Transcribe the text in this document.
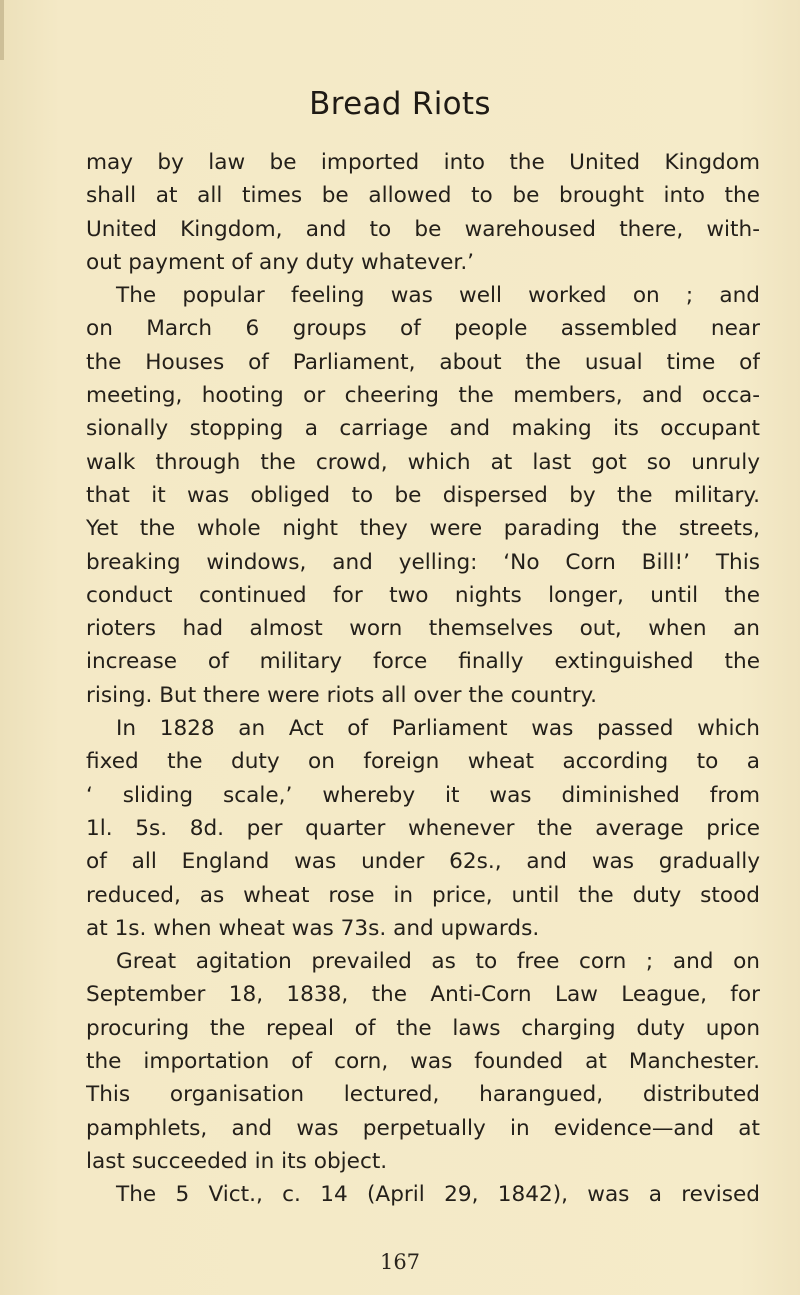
Bread Riots
may by law be imported into the United Kingdom
shall at all times be allowed to be brought into the
United Kingdom, and to be warehoused there, with-
out payment of any duty whatever.’
The popular feeling was well worked on ; and
on March 6 groups of people assembled near
the Houses of Parliament, about the usual time of
meeting, hooting or cheering the members, and occa-
sionally stopping a carriage and making its occupant
walk through the crowd, which at last got so unruly
that it was obliged to be dispersed by the military.
Yet the whole night they were parading the streets,
breaking windows, and yelling: ‘No Corn Bill!’ This
conduct continued for two nights longer, until the
rioters had almost worn themselves out, when an
increase of military force finally extinguished the
rising. But there were riots all over the country.
In 1828 an Act of Parliament was passed which
fixed the duty on foreign wheat according to a
‘ sliding scale,’ whereby it was diminished from
1l. 5s. 8d. per quarter whenever the average price
of all England was under 62s., and was gradually
reduced, as wheat rose in price, until the duty stood
at 1s. when wheat was 73s. and upwards.
Great agitation prevailed as to free corn ; and on
September 18, 1838, the Anti-Corn Law League, for
procuring the repeal of the laws charging duty upon
the importation of corn, was founded at Manchester.
This organisation lectured, harangued, distributed
pamphlets, and was perpetually in evidence—and at
last succeeded in its object.
The 5 Vict., c. 14 (April 29, 1842), was a revised
167
